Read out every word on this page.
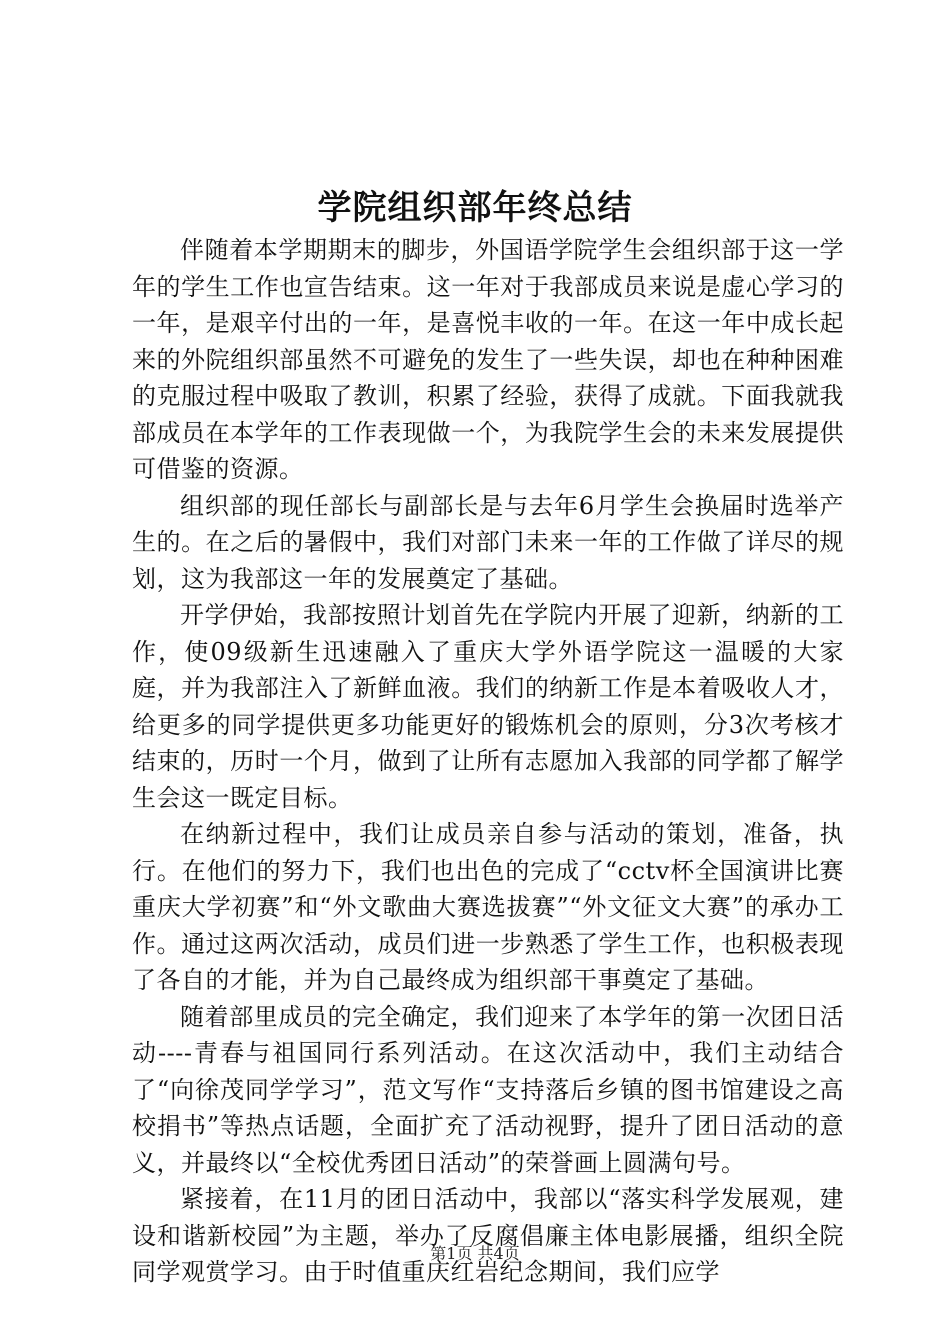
学院组织部年终总结

伴随着本学期期末的脚步，外国语学院学生会组织部于这一学年的学生工作也宣告结束。这一年对于我部成员来说是虚心学习的一年，是艰辛付出的一年，是喜悦丰收的一年。在这一年中成长起来的外院组织部虽然不可避免的发生了一些失误，却也在种种困难的克服过程中吸取了教训，积累了经验，获得了成就。下面我就我部成员在本学年的工作表现做一个，为我院学生会的未来发展提供可借鉴的资源。

组织部的现任部长与副部长是与去年6月学生会换届时选举产生的。在之后的暑假中，我们对部门未来一年的工作做了详尽的规划，这为我部这一年的发展奠定了基础。

开学伊始，我部按照计划首先在学院内开展了迎新，纳新的工作，使09级新生迅速融入了重庆大学外语学院这一温暖的大家庭，并为我部注入了新鲜血液。我们的纳新工作是本着吸收人才，给更多的同学提供更多功能更好的锻炼机会的原则，分3次考核才结束的，历时一个月，做到了让所有志愿加入我部的同学都了解学生会这一既定目标。

在纳新过程中，我们让成员亲自参与活动的策划，准备，执行。在他们的努力下，我们也出色的完成了“cctv杯全国演讲比赛重庆大学初赛”和“外文歌曲大赛选拔赛”“外文征文大赛”的承办工作。通过这两次活动，成员们进一步熟悉了学生工作，也积极表现了各自的才能，并为自己最终成为组织部干事奠定了基础。

随着部里成员的完全确定，我们迎来了本学年的第一次团日活动----青春与祖国同行系列活动。在这次活动中，我们主动结合了“向徐茂同学学习”，范文写作“支持落后乡镇的图书馆建设之高校捐书”等热点话题，全面扩充了活动视野，提升了团日活动的意义，并最终以“全校优秀团日活动”的荣誉画上圆满句号。

紧接着，在11月的团日活动中，我部以“落实科学发展观，建设和谐新校园”为主题，举办了反腐倡廉主体电影展播，组织全院同学观赏学习。由于时值重庆红岩纪念期间，我们应学

第1页 共4页
